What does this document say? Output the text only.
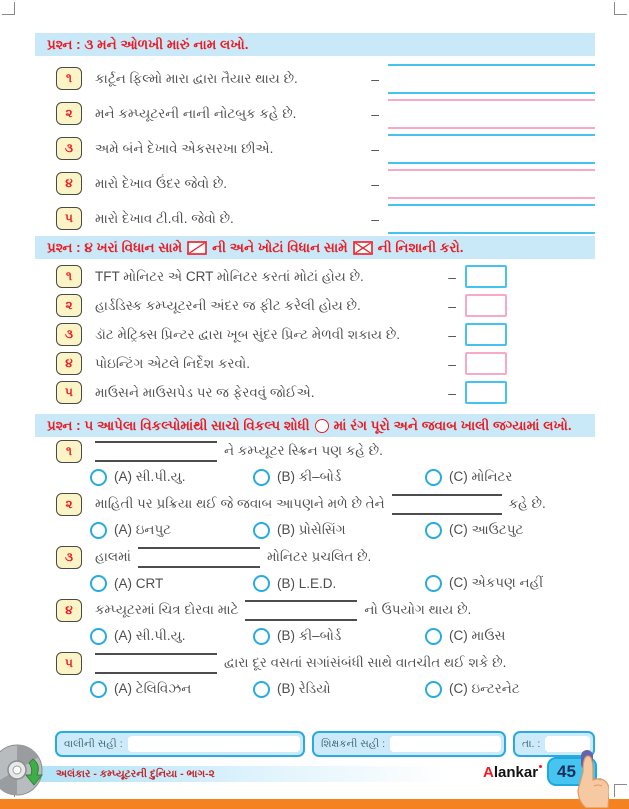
પ્રશ્ન : ૩ મને ઓળખી મારું નામ લખો.
૧	કાર્ટૂન ફિલ્મો મારા દ્વારા તૈયાર થાય છે.	–
૨	મને કમ્પ્યૂટરની નાની નોટબુક કહે છે.	–
૩	અમે બંને દેખાવે એકસરખા છીએ.	–
૪	મારો દેખાવ ઉંદર જેવો છે.	–
૫	મારો દેખાવ ટી.વી. જેવો છે.	–
પ્રશ્ન : ૪ ખરાં વિધાન સામે ની અને ખોટાં વિધાન સામે ☒ ની નિશાની કરો.
૧	TFT મોનિટર એ CRT મોનિટર કરતાં મોટાં હોય છે.	–
૨	હાર્ડડિસ્ક કમ્પ્યૂટરની અંદર જ ફીટ કરેલી હોય છે.	–
૩	ડૉટ મેટ્રિક્સ પ્રિન્ટર દ્વારા ખૂબ સુંદર પ્રિન્ટ મેળવી શકાય છે.	–
૪	પોઇન્ટિંગ એટલે નિર્દેશ કરવો.	–
૫	માઉસને માઉસપેડ પર જ ફેરવવું જોઈએ.	–
પ્રશ્ન : ૫ આપેલા વિકલ્પોમાંથી સાચો વિકલ્પ શોધી માં રંગ પૂરો અને જવાબ ખાલી જગ્યામાં લખો.
૧	ને કમ્પ્યૂટર સ્ક્રિન પણ કહે છે.
(A) સી.પી.યુ.	(B) કી–બોર્ડ	(C) મોનિટર
૨	માહિતી પર પ્રક્રિયા થઈ જે જવાબ આપણને મળે છે તેને	કહે છે.
(A) ઇનપુટ	(B) પ્રોસેસિંગ	(C) આઉટપુટ
૩	હાલમાં	મોનિટર પ્રચલિત છે.
(A) CRT	(B) L.E.D.	(C) એકપણ નહીં
૪	કમ્પ્યૂટરમાં ચિત્ર દોરવા માટે	નો ઉપયોગ થાય છે.
(A) સી.પી.યુ.	(B) કી–બોર્ડ	(C) માઉસ
૫	દ્વારા દૂર વસતાં સગાંસંબંધી સાથે વાતચીત થઈ શકે છે.
(A) ટેલિવિઝન	(B) રેડિયો	(C) ઇન્ટરનેટ
વાલીની સહી :	શિક્ષકની સહી :	તા. :
અલંકાર - કમ્પ્યૂટરની દુનિયા - ભાગ-૨	Alankar 45
